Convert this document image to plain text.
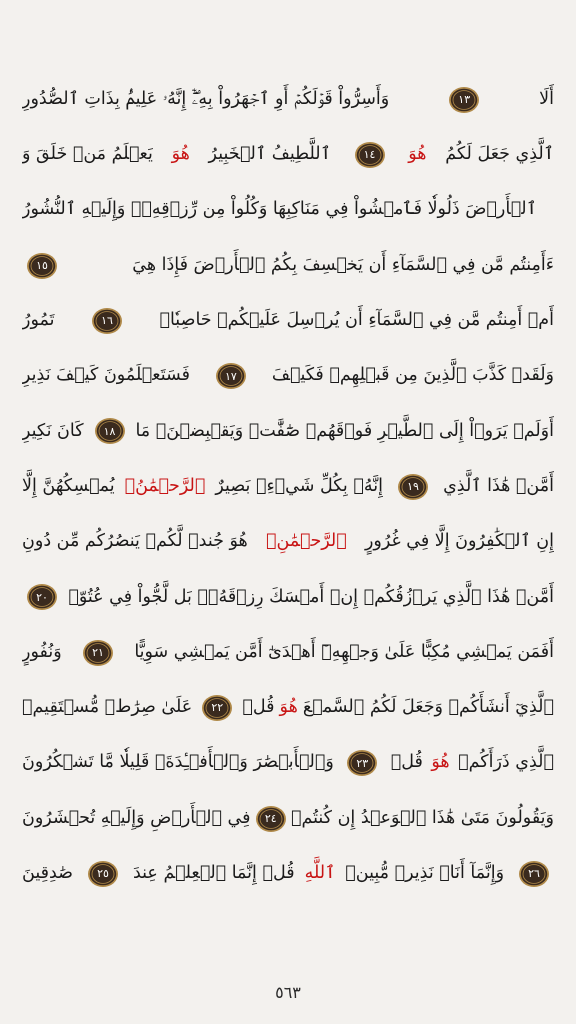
وَأَسِرُّواْ قَوۡلَكُمۡ أَوِ ٱجۡهَرُواْ بِهِۦٓۖ إِنَّهُۥ عَلِيمُۢ بِذَاتِ ٱلصُّدُورِ	١٣	أَلَا
يَعۡلَمُ مَنۡ خَلَقَ وَ هُوَ ٱللَّطِيفُ ٱلۡخَبِيرُ	١٤ هُوَ ٱلَّذِي جَعَلَ لَكُمُ
ٱلۡأَرۡضَ ذَلُولٗا فَٱمۡشُواْ فِي مَنَاكِبِهَا وَكُلُواْ مِن رِّزۡقِهِۦۖ وَإِلَيۡهِ ٱلنُّشُورُ
١٥	ءَأَمِنتُم مَّن فِي ٱلسَّمَآءِ أَن يَخۡسِفَ بِكُمُ ٱلۡأَرۡضَ فَإِذَا هِيَ
تَمُورُ	١٦	أَمۡ أَمِنتُم مَّن فِي ٱلسَّمَآءِ أَن يُرۡسِلَ عَلَيۡكُمۡ حَاصِبٗاۖ
فَسَتَعۡلَمُونَ كَيۡفَ نَذِيرِ	١٧ وَلَقَدۡ كَذَّبَ ٱلَّذِينَ مِن قَبۡلِهِمۡ فَكَيۡفَ
كَانَ نَكِيرِ ١٨ أَوَلَمۡ يَرَوۡاْ إِلَى ٱلطَّيۡرِ فَوۡقَهُمۡ صَٰٓفَّٰتٖ وَيَقۡبِضۡنَۚ مَا
يُمۡسِكُهُنَّ إِلَّا ٱلرَّحۡمَٰنُۚ إِنَّهُۥ بِكُلِّ شَيۡءِۭ بَصِيرٌ ١٩ أَمَّنۡ هَٰذَا ٱلَّذِي
هُوَ جُندٞ لَّكُمۡ يَنصُرُكُم مِّن دُونِ ٱلرَّحۡمَٰنِۚ إِنِ ٱلۡكَٰفِرُونَ إِلَّا فِي غُرُورٍ
٢٠ أَمَّنۡ هَٰذَا ٱلَّذِي يَرۡزُقُكُمۡ إِنۡ أَمۡسَكَ رِزۡقَهُۥۚ بَل لَّجُّواْ فِي عُتُوّٖ
وَنُفُورٍ	٢١ أَفَمَن يَمۡشِي مُكِبًّا عَلَىٰ وَجۡهِهِۦٓ أَهۡدَىٰٓ أَمَّن يَمۡشِي سَوِيًّا
عَلَىٰ صِرَٰطٖ مُّسۡتَقِيمٖ ٢٢ قُلۡ هُوَ ٱلَّذِيٓ أَنشَأَكُمۡ وَجَعَلَ لَكُمُ ٱلسَّمۡعَ
وَٱلۡأَبۡصَٰرَ وَٱلۡأَفۡـِٔدَةَۚ قَلِيلٗا مَّا تَشۡكُرُونَ ٢٣ قُلۡ هُوَ ٱلَّذِي ذَرَأَكُمۡ
فِي ٱلۡأَرۡضِ وَإِلَيۡهِ تُحۡشَرُونَ ٢٤ وَيَقُولُونَ مَتَىٰ هَٰذَا ٱلۡوَعۡدُ إِن كُنتُمۡ
صَٰدِقِينَ ٢٥ قُلۡ إِنَّمَا ٱلۡعِلۡمُ عِندَ ٱللَّهِ وَإِنَّمَآ أَنَا۠ نَذِيرٞ مُّبِينٞ ٢٦
٥٦٣
